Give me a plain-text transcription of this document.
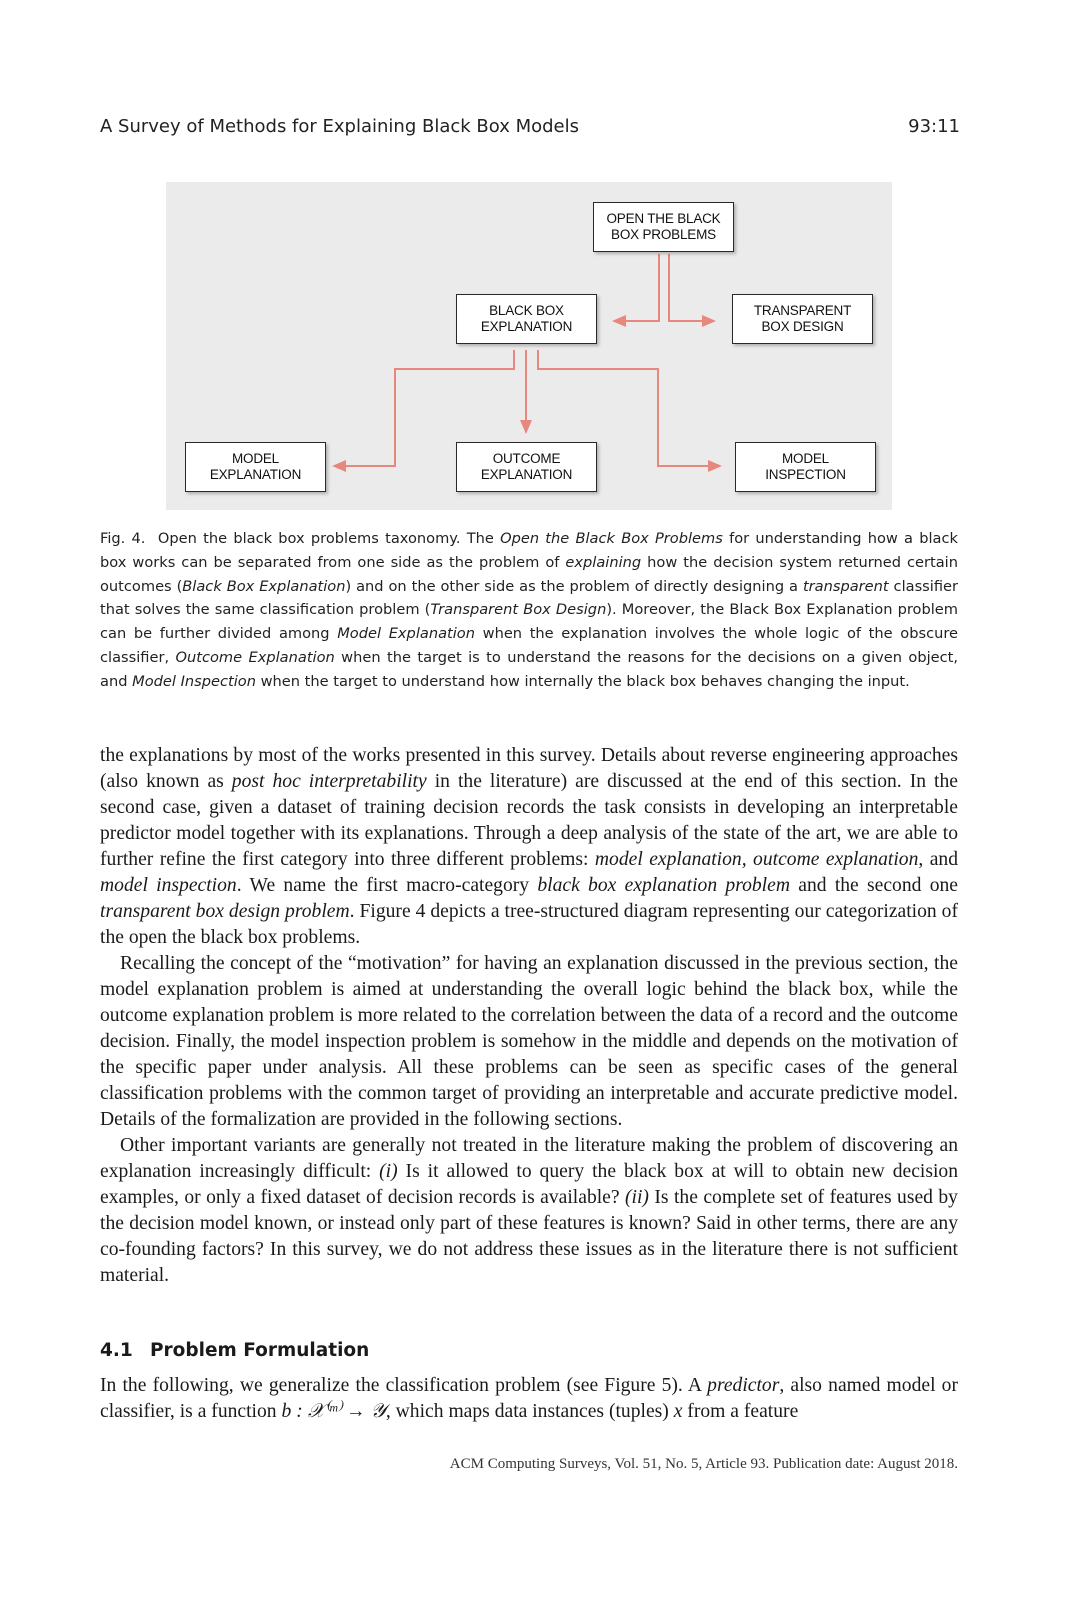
A Survey of Methods for Explaining Black Box Models	93:11
OPEN THE BLACK
BOX PROBLEMS
BLACK BOX
EXPLANATION
TRANSPARENT
BOX DESIGN
MODEL
EXPLANATION
OUTCOME
EXPLANATION
MODEL
INSPECTION
Fig. 4. Open the black box problems taxonomy. The Open the Black Box Problems for understanding how a black box works can be separated from one side as the problem of explaining how the decision system returned certain outcomes (Black Box Explanation) and on the other side as the problem of directly designing a transparent classifier that solves the same classification problem (Transparent Box Design). Moreover, the Black Box Explanation problem can be further divided among Model Explanation when the explanation involves the whole logic of the obscure classifier, Outcome Explanation when the target is to understand the reasons for the decisions on a given object, and Model Inspection when the target to understand how internally the black box behaves changing the input.

the explanations by most of the works presented in this survey. Details about reverse engineering approaches (also known as post hoc interpretability in the literature) are discussed at the end of this section. In the second case, given a dataset of training decision records the task consists in developing an interpretable predictor model together with its explanations. Through a deep analysis of the state of the art, we are able to further refine the first category into three different problems: model explanation, outcome explanation, and model inspection. We name the first macro-category black box explanation problem and the second one transparent box design problem. Figure 4 depicts a tree-structured diagram representing our categorization of the open the black box problems.

Recalling the concept of the “motivation” for having an explanation discussed in the previous section, the model explanation problem is aimed at understanding the overall logic behind the black box, while the outcome explanation problem is more related to the correlation between the data of a record and the outcome decision. Finally, the model inspection problem is somehow in the middle and depends on the motivation of the specific paper under analysis. All these problems can be seen as specific cases of the general classification problems with the common target of providing an interpretable and accurate predictive model. Details of the formalization are provided in the following sections.

Other important variants are generally not treated in the literature making the problem of discovering an explanation increasingly difficult: (i) Is it allowed to query the black box at will to obtain new decision examples, or only a fixed dataset of decision records is available? (ii) Is the complete set of features used by the decision model known, or instead only part of these features is known? Said in other terms, there are any co-founding factors? In this survey, we do not address these issues as in the literature there is not sufficient material.

4.1 Problem Formulation

In the following, we generalize the classification problem (see Figure 5). A predictor, also named model or classifier, is a function b : 𝒳⁽ᵐ⁾ → 𝒴, which maps data instances (tuples) x from a feature

ACM Computing Surveys, Vol. 51, No. 5, Article 93. Publication date: August 2018.
